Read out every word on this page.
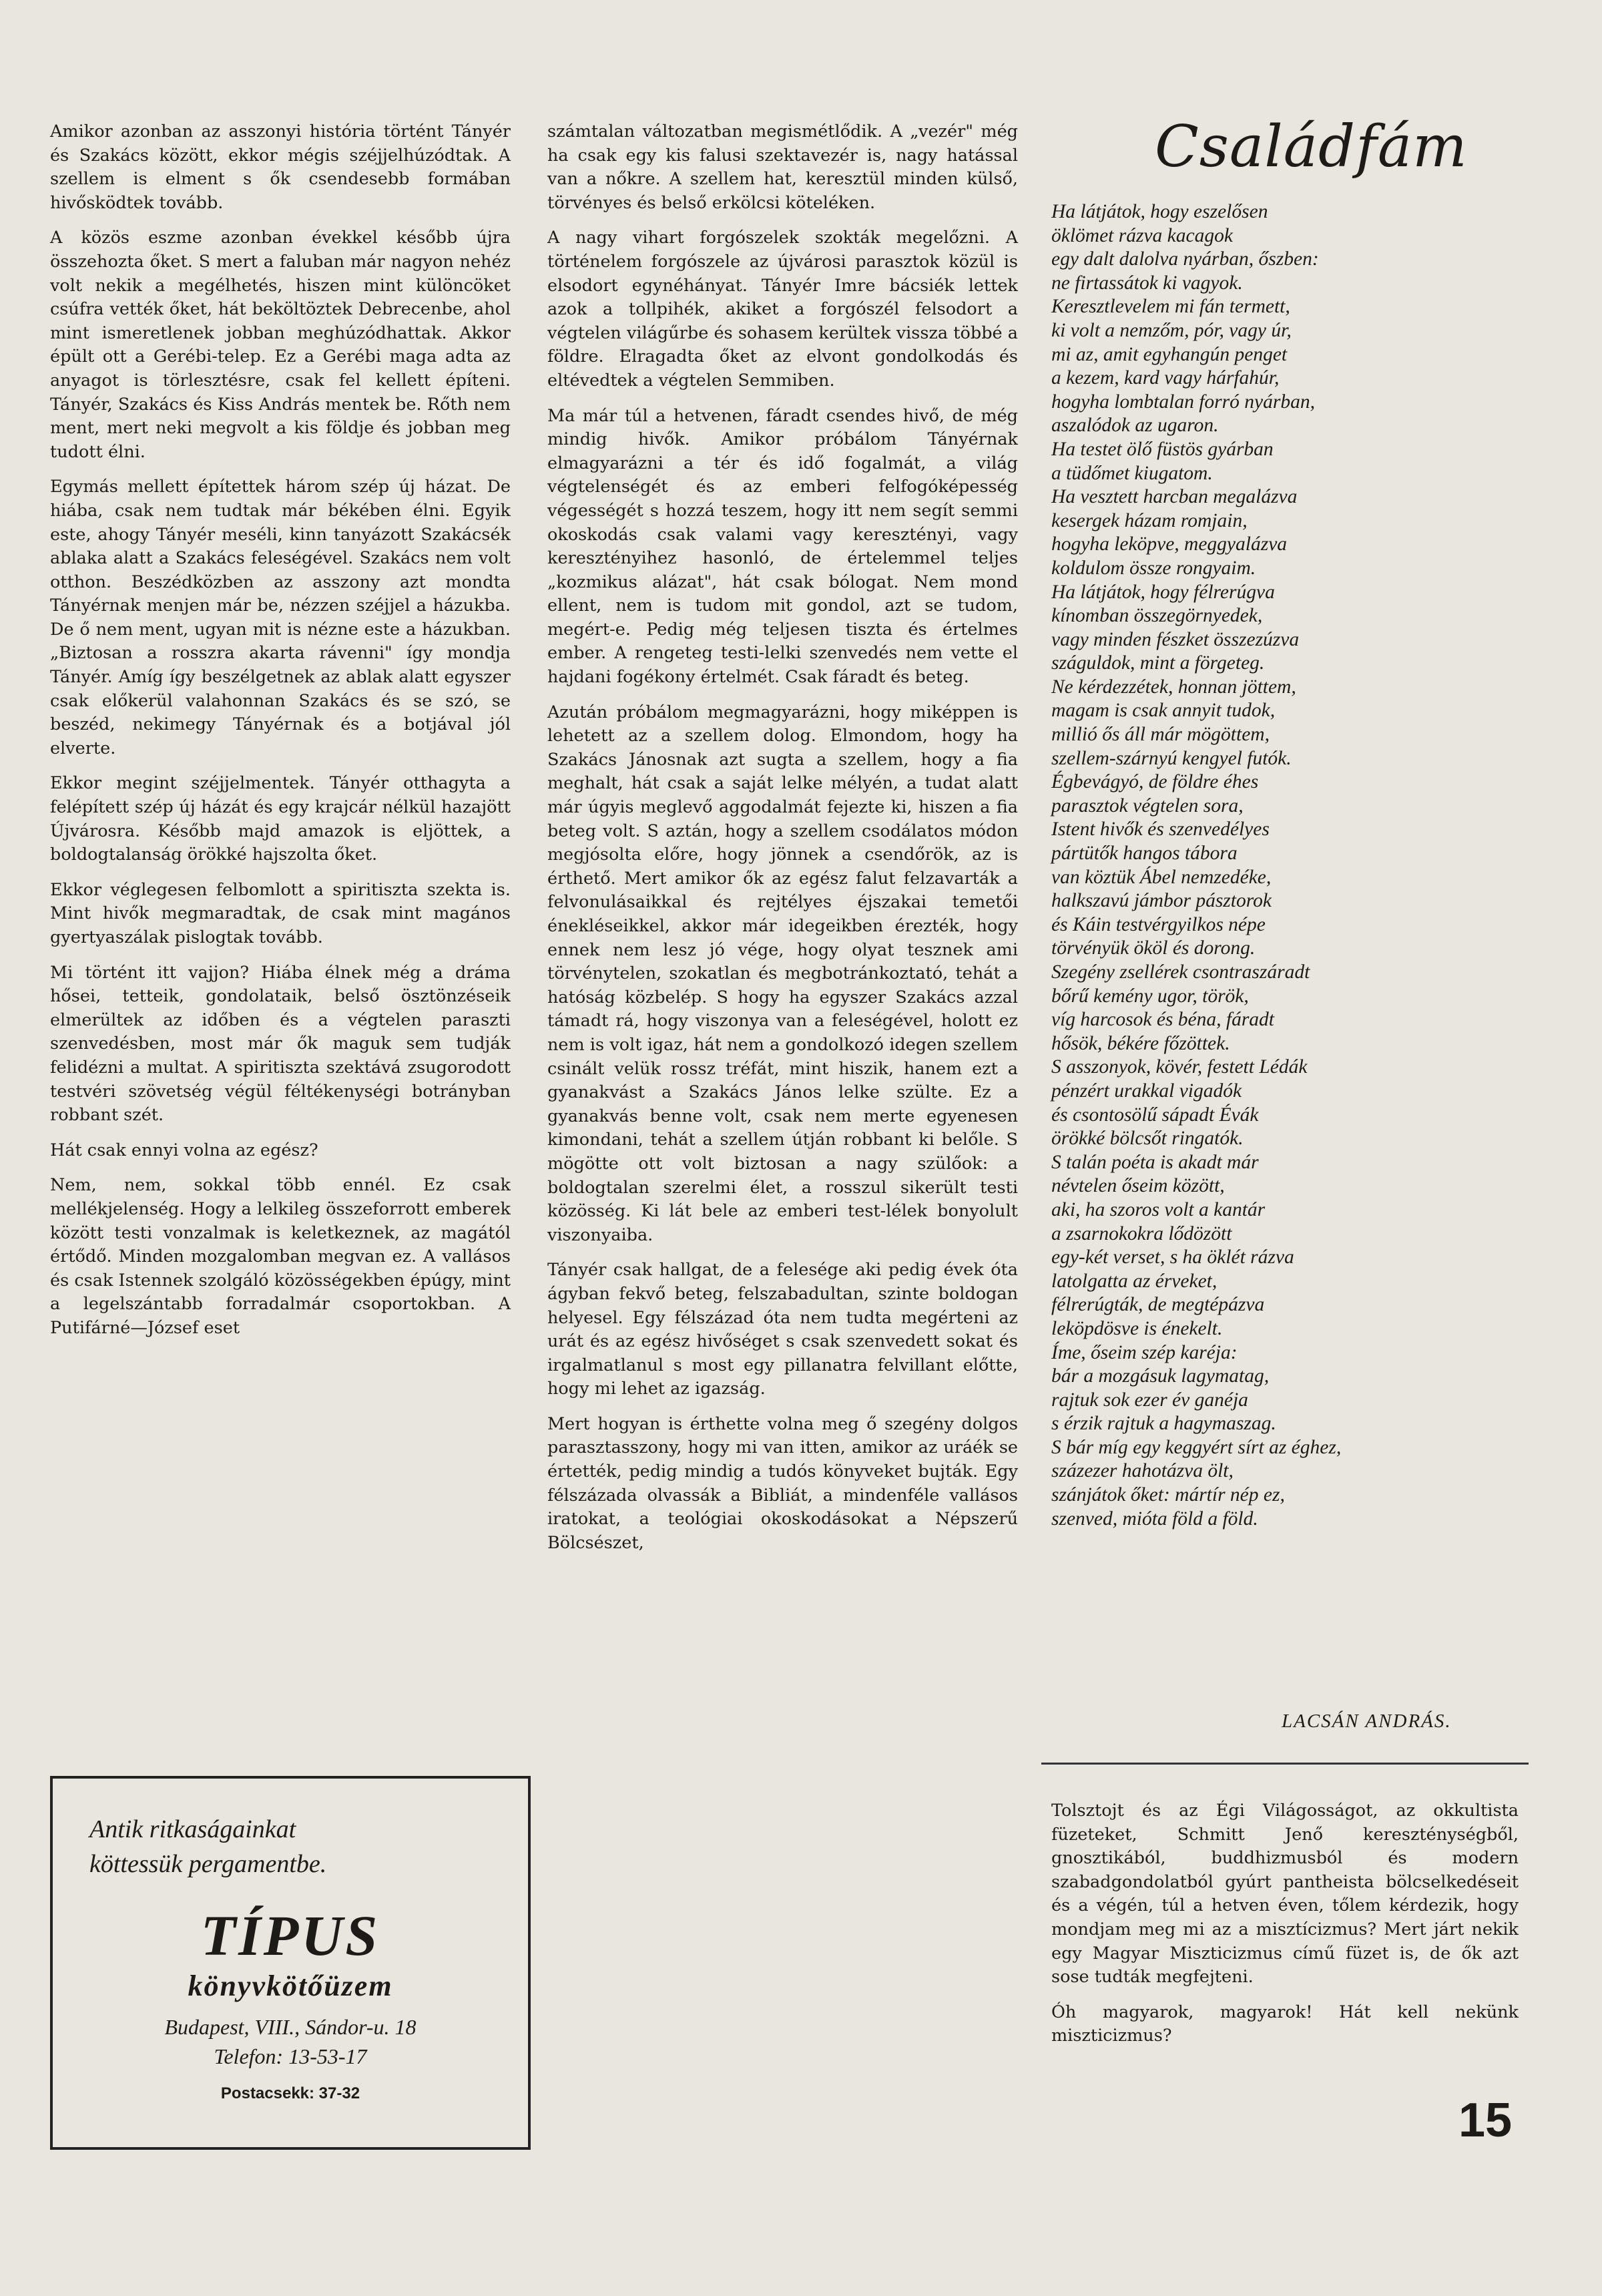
Amikor azonban az asszonyi história történt Tányér és Szakács között, ekkor mégis széjjelhúzódtak. A szellem is elment s ők csendesebb formában hivősködtek tovább.

A közös eszme azonban évekkel később újra összehozta őket. S mert a faluban már nagyon nehéz volt nekik a megélhetés, hiszen mint különcöket csúfra vették őket, hát beköltöztek Debrecenbe, ahol mint ismeretlenek jobban meghúzódhattak. Akkor épült ott a Gerébi-telep. Ez a Gerébi maga adta az anyagot is törlesztésre, csak fel kellett építeni. Tányér, Szakács és Kiss András mentek be. Rőth nem ment, mert neki megvolt a kis földje és jobban meg tudott élni.

Egymás mellett építettek három szép új házat. De hiába, csak nem tudtak már békében élni. Egyik este, ahogy Tányér meséli, kinn tanyázott Szakácsék ablaka alatt a Szakács feleségével. Szakács nem volt otthon. Beszédközben az asszony azt mondta Tányérnak menjen már be, nézzen széjjel a házukba. De ő nem ment, ugyan mit is nézne este a házukban. „Biztosan a rosszra akarta rávenni" így mondja Tányér. Amíg így beszélgetnek az ablak alatt egyszer csak előkerül valahonnan Szakács és se szó, se beszéd, nekimegy Tányérnak és a botjával jól elverte.

Ekkor megint széjjelmentek. Tányér otthagyta a felépített szép új házát és egy krajcár nélkül hazajött Újvárosra. Később majd amazok is eljöttek, a boldogtalanság örökké hajszolta őket.

Ekkor véglegesen felbomlott a spiritiszta szekta is. Mint hivők megmaradtak, de csak mint magános gyertyaszálak pislogtak tovább.

Mi történt itt vajjon? Hiába élnek még a dráma hősei, tetteik, gondolataik, belső ösztönzéseik elmerültek az időben és a végtelen paraszti szenvedésben, most már ők maguk sem tudják felidézni a multat. A spiritiszta szektává zsugorodott testvéri szövetség végül féltékenységi botrányban robbant szét.

Hát csak ennyi volna az egész?

Nem, nem, sokkal több ennél. Ez csak mellékjelenség. Hogy a lelkileg összeforrott emberek között testi vonzalmak is keletkeznek, az magától értődő. Minden mozgalomban megvan ez. A vallásos és csak Istennek szolgáló közösségekben épúgy, mint a legelszántabb forradalmár csoportokban. A Putifárné—József eset

Antik ritkaságainkat
köttessük pergamentbe.
TÍPUS
könyvkötőüzem
Budapest, VIII., Sándor-u. 18
Telefon: 13-53-17
Postacsekk: 37-32

számtalan változatban megismétlődik. A „vezér" még ha csak egy kis falusi szektavezér is, nagy hatással van a nőkre. A szellem hat, keresztül minden külső, törvényes és belső erkölcsi köteléken.

A nagy vihart forgószelek szokták megelőzni. A történelem forgószele az újvárosi parasztok közül is elsodort egynéhányat. Tányér Imre bácsiék lettek azok a tollpihék, akiket a forgószél felsodort a végtelen világűrbe és sohasem kerültek vissza többé a földre. Elragadta őket az elvont gondolkodás és eltévedtek a végtelen Semmiben.

Ma már túl a hetvenen, fáradt csendes hivő, de még mindig hivők. Amikor próbálom Tányérnak elmagyarázni a tér és idő fogalmát, a világ végtelenségét és az emberi felfogóképesség végességét s hozzá teszem, hogy itt nem segít semmi okoskodás csak valami vagy keresztényi, vagy keresztényihez hasonló, de értelemmel teljes „kozmikus alázat", hát csak bólogat. Nem mond ellent, nem is tudom mit gondol, azt se tudom, megért-e. Pedig még teljesen tiszta és értelmes ember. A rengeteg testi-lelki szenvedés nem vette el hajdani fogékony értelmét. Csak fáradt és beteg.

Azután próbálom megmagyarázni, hogy miképpen is lehetett az a szellem dolog. Elmondom, hogy ha Szakács Jánosnak azt sugta a szellem, hogy a fia meghalt, hát csak a saját lelke mélyén, a tudat alatt már úgyis meglevő aggodalmát fejezte ki, hiszen a fia beteg volt. S aztán, hogy a szellem csodálatos módon megjósolta előre, hogy jönnek a csendőrök, az is érthető. Mert amikor ők az egész falut felzavarták a felvonulásaikkal és rejtélyes éjszakai temetői énekléseikkel, akkor már idegeikben érezték, hogy ennek nem lesz jó vége, hogy olyat tesznek ami törvénytelen, szokatlan és megbotránkoztató, tehát a hatóság közbelép. S hogy ha egyszer Szakács azzal támadt rá, hogy viszonya van a feleségével, holott ez nem is volt igaz, hát nem a gondolkozó idegen szellem csinált velük rossz tréfát, mint hiszik, hanem ezt a gyanakvást a Szakács János lelke szülte. Ez a gyanakvás benne volt, csak nem merte egyenesen kimondani, tehát a szellem útján robbant ki belőle. S mögötte ott volt biztosan a nagy szülőok: a boldogtalan szerelmi élet, a rosszul sikerült testi közösség. Ki lát bele az emberi test-lélek bonyolult viszonyaiba.

Tányér csak hallgat, de a felesége aki pedig évek óta ágyban fekvő beteg, felszabadultan, szinte boldogan helyesel. Egy félszázad óta nem tudta megérteni az urát és az egész hivőséget s csak szenvedett sokat és irgalmatlanul s most egy pillanatra felvillant előtte, hogy mi lehet az igazság.

Mert hogyan is érthette volna meg ő szegény dolgos parasztasszony, hogy mi van itten, amikor az uráék se értették, pedig mindig a tudós könyveket bujták. Egy félszázada olvassák a Bibliát, a mindenféle vallásos iratokat, a teológiai okoskodásokat a Népszerű Bölcsészet,

Családfám
Ha látjátok, hogy eszelősen
öklömet rázva kacagok
egy dalt dalolva nyárban, őszben:
ne firtassátok ki vagyok.
Keresztlevelem mi fán termett,
ki volt a nemzőm, pór, vagy úr,
mi az, amit egyhangún penget
a kezem, kard vagy hárfahúr,
hogyha lombtalan forró nyárban,
aszalódok az ugaron.
Ha testet ölő füstös gyárban
a tüdőmet kiugatom.
Ha vesztett harcban megalázva
kesergek házam romjain,
hogyha leköpve, meggyalázva
koldulom össze rongyaim.
Ha látjátok, hogy félrerúgva
kínomban összegörnyedek,
vagy minden fészket összezúzva
száguldok, mint a förgeteg.
Ne kérdezzétek, honnan jöttem,
magam is csak annyit tudok,
millió ős áll már mögöttem,
szellem-szárnyú kengyel futók.
Égbevágyó, de földre éhes
parasztok végtelen sora,
Istent hivők és szenvedélyes
pártütők hangos tábora
van köztük Ábel nemzedéke,
halkszavú jámbor pásztorok
és Káin testvérgyilkos népe
törvényük ököl és dorong.
Szegény zsellérek csontraszáradt
bőrű kemény ugor, török,
víg harcosok és béna, fáradt
hősök, békére főzöttek.
S asszonyok, kövér, festett Lédák
pénzért urakkal vigadók
és csontosölű sápadt Évák
örökké bölcsőt ringatók.
S talán poéta is akadt már
névtelen őseim között,
aki, ha szoros volt a kantár
a zsarnokokra lődözött
egy-két verset, s ha öklét rázva
latolgatta az érveket,
félrerúgták, de megtépázva
leköpdösve is énekelt.
Íme, őseim szép karéja:
bár a mozgásuk lagymatag,
rajtuk sok ezer év ganéja
s érzik rajtuk a hagymaszag.
S bár míg egy keggyért sírt az éghez,
százezer hahotázva ölt,
szánjátok őket: mártír nép ez,
szenved, mióta föld a föld.
LACSÁN ANDRÁS.

Tolsztojt és az Égi Világosságot, az okkultista füzeteket, Schmitt Jenő kereszténységből, gnosztikából, buddhizmusból és modern szabadgondolatból gyúrt pantheista bölcselkedéseit és a végén, túl a hetven éven, tőlem kérdezik, hogy mondjam meg mi az a misztícizmus? Mert járt nekik egy Magyar Miszticizmus című füzet is, de ők azt sose tudták megfejteni.

Óh magyarok, magyarok! Hát kell nekünk miszticizmus?

15
